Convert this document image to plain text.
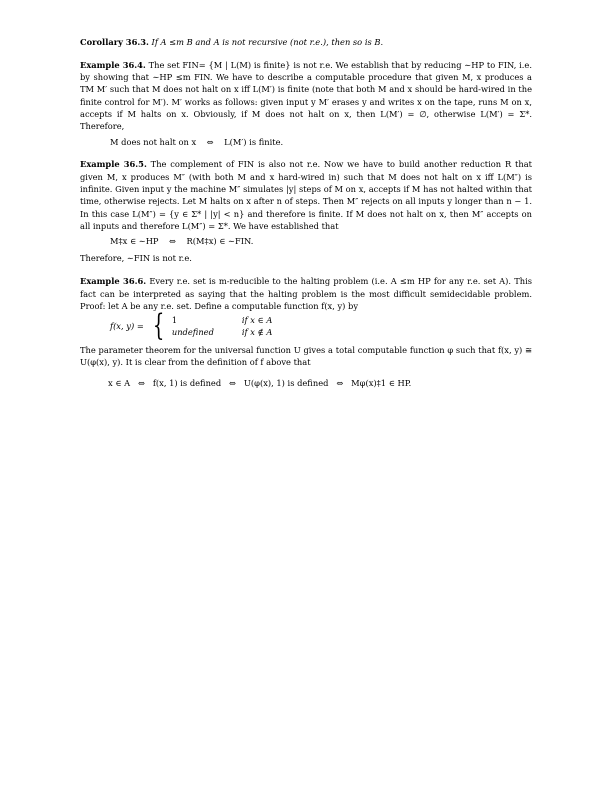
Corollary 36.3. If A ≤m B and A is not recursive (not r.e.), then so is B.

Example 36.4. The set FIN= {M | L(M) is finite} is not r.e. We establish that by reducing ∼HP to FIN, i.e. by showing that ∼HP ≤m FIN. We have to describe a computable procedure that given M, x produces a TM M′ such that M does not halt on x iff L(M′) is finite (note that both M and x should be hard-wired in the finite control for M′). M′ works as follows: given input y M′ erases y and writes x on the tape, runs M on x, accepts if M halts on x. Obviously, if M does not halt on x, then L(M′) = ∅, otherwise L(M′) = Σ*. Therefore,

M does not halt on x    ⇔    L(M′) is finite.

Example 36.5. The complement of FIN is also not r.e. Now we have to build another reduction R that given M, x produces M″ (with both M and x hard-wired in) such that M does not halt on x iff L(M″) is infinite. Given input y the machine M″ simulates |y| steps of M on x, accepts if M has not halted within that time, otherwise rejects. Let M halts on x after n of steps. Then M″ rejects on all inputs y longer than n − 1. In this case L(M″) = {y ∈ Σ* | |y| < n} and therefore is finite. If M does not halt on x, then M″ accepts on all inputs and therefore L(M″) = Σ*. We have established that

M‡x ∈ ∼HP    ⇔    R(M‡x) ∈ ∼FIN.

Therefore, ∼FIN is not r.e.

Example 36.6. Every r.e. set is m-reducible to the halting problem (i.e. A ≤m HP for any r.e. set A). This fact can be interpreted as saying that the halting problem is the most difficult semidecidable problem. Proof: let A be any r.e. set. Define a computable function f(x, y) by

f(x, y) = { 1	if x ∈ A
undefined	if x ∉ A

The parameter theorem for the universal function U gives a total computable function φ such that f(x, y) ≅ U(φ(x), y). It is clear from the definition of f above that

x ∈ A   ⇔   f(x, 1) is defined   ⇔   U(φ(x), 1) is defined   ⇔   Mφ(x)‡1 ∈ HP.
